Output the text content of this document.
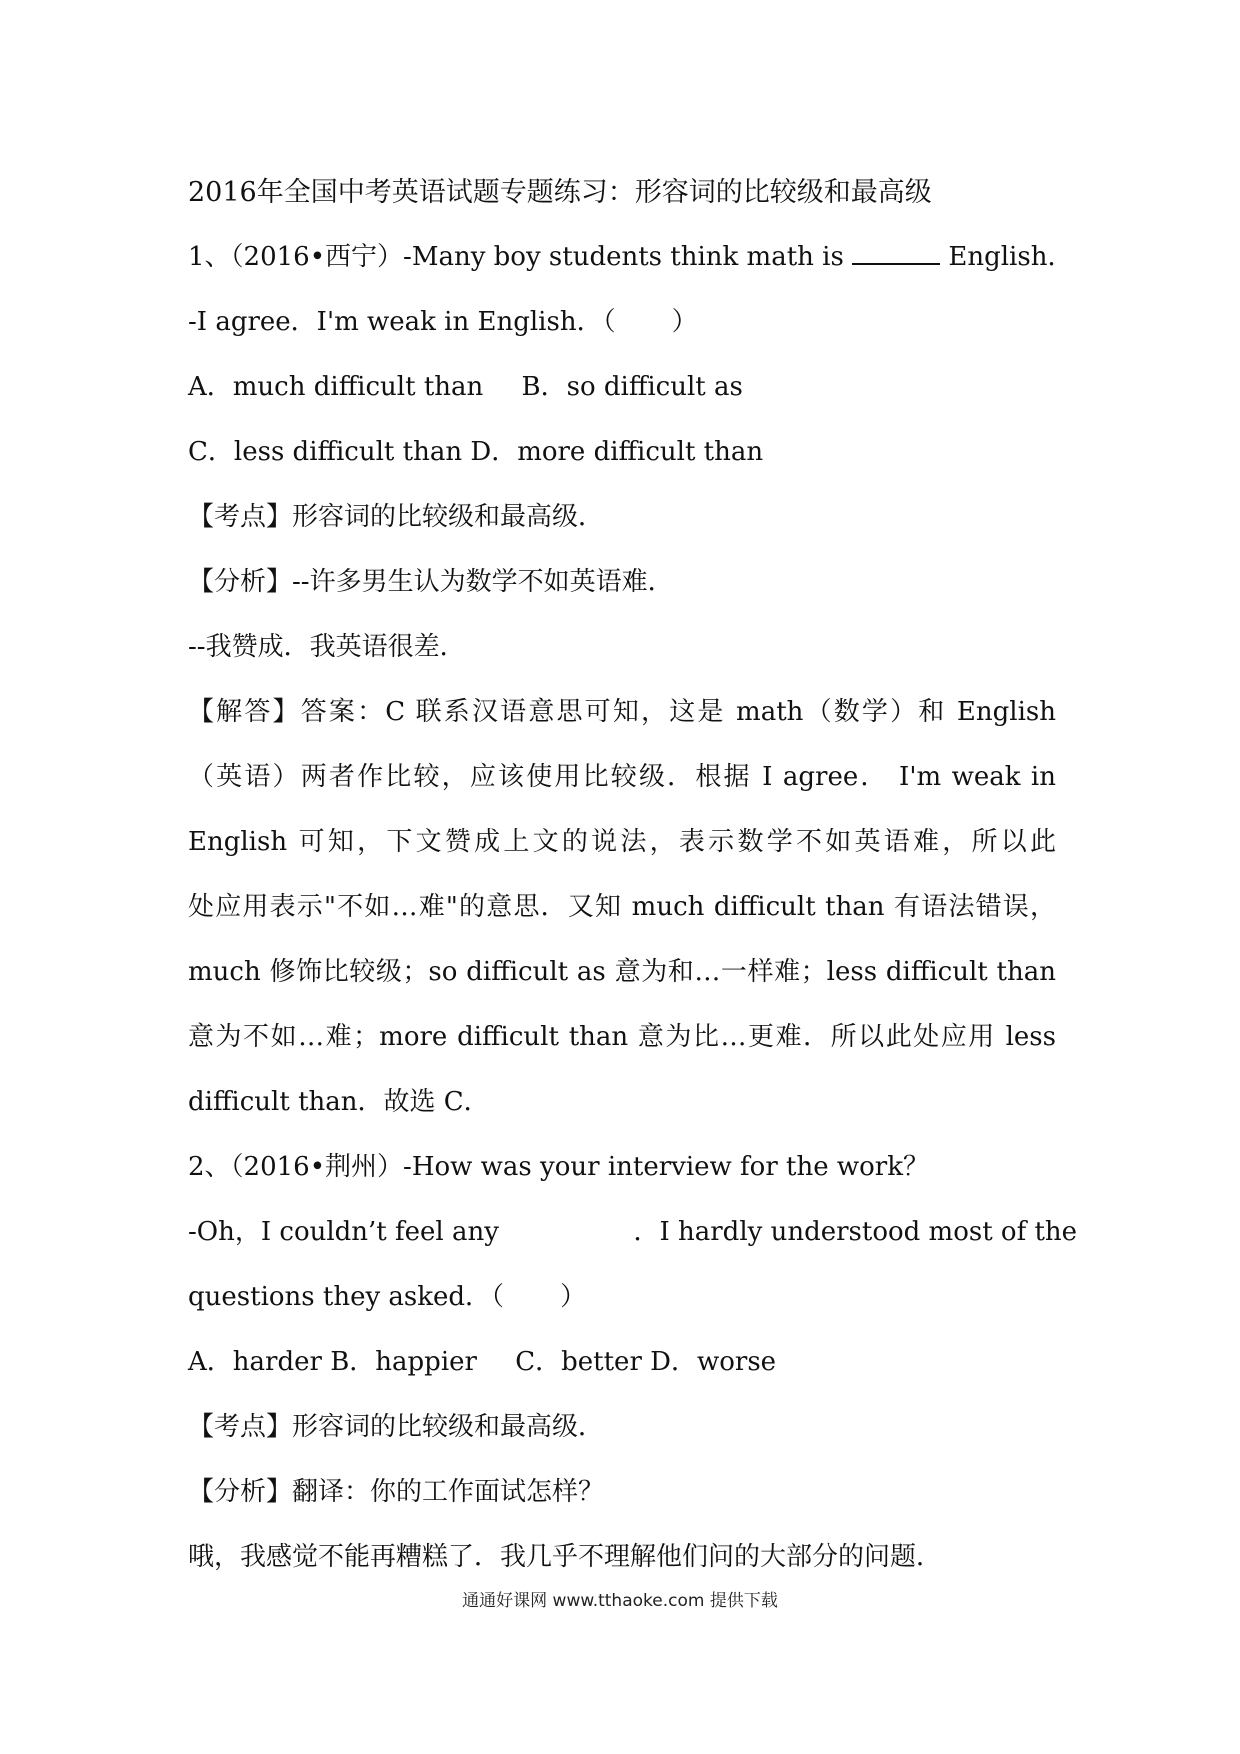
2016年全国中考英语试题专题练习：形容词的比较级和最高级
1、（2016•西宁）-Many boy students think math is	English．
-I agree．I'm weak in English．（ ）
A．much difficult than B．so difficult as
C．less difficult than D．more difficult than
【考点】形容词的比较级和最高级．
【分析】--许多男生认为数学不如英语难．
--我赞成．我英语很差．
【解答】答案：C 联系汉语意思可知，这是 math（数学）和 English
（英语）两者作比较，应该使用比较级．根据 I agree． I'm weak in
English 可知，下文赞成上文的说法，表示数学不如英语难，所以此
处应用表示"不如…难"的意思．又知 much difficult than 有语法错误，
much 修饰比较级；so difficult as 意为和…一样难；less difficult than
意为不如…难；more difficult than 意为比…更难．所以此处应用 less
difficult than．故选 C．
2、（2016•荆州）-How was your interview for the work？
-Oh，I couldn’t feel any	．I hardly understood most of the
questions they asked．（ ）
A．harder B．happier C．better D．worse
【考点】形容词的比较级和最高级．
【分析】翻译：你的工作面试怎样？
哦，我感觉不能再糟糕了．我几乎不理解他们问的大部分的问题．
通通好课网 www.tthaoke.com 提供下载
